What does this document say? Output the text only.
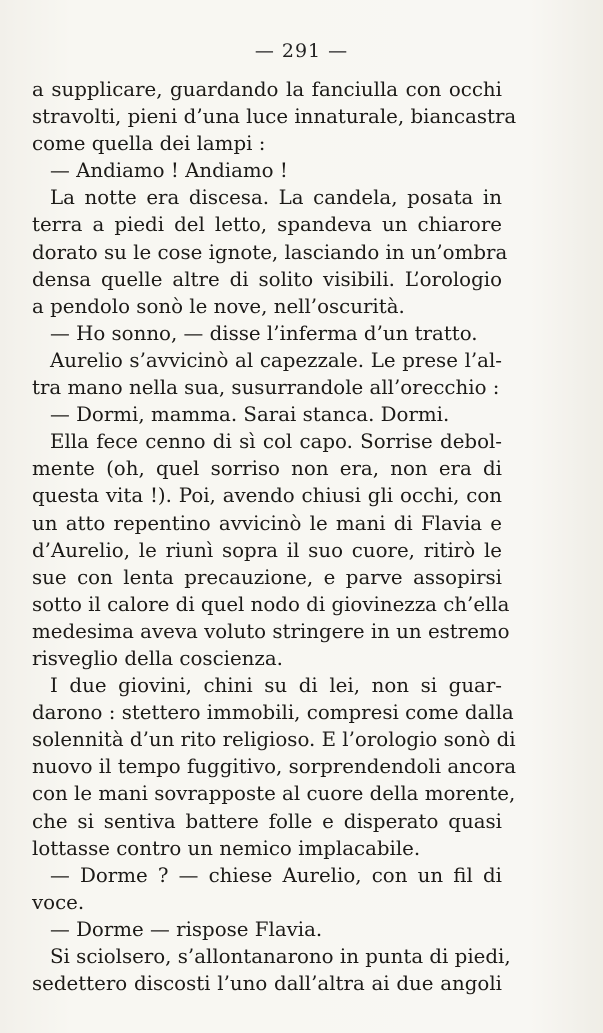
— 291 —
a supplicare, guardando la fanciulla con occhi
stravolti, pieni d’una luce innaturale, biancastra
come quella dei lampi :
— Andiamo ! Andiamo !
La notte era discesa. La candela, posata in
terra a piedi del letto, spandeva un chiarore
dorato su le cose ignote, lasciando in un’ombra
densa quelle altre di solito visibili. L’orologio
a pendolo sonò le nove, nell’oscurità.
— Ho sonno, — disse l’inferma d’un tratto.
Aurelio s’avvicinò al capezzale. Le prese l’al-
tra mano nella sua, susurrandole all’orecchio :
— Dormi, mamma. Sarai stanca. Dormi.
Ella fece cenno di sì col capo. Sorrise debol-
mente (oh, quel sorriso non era, non era di
questa vita !). Poi, avendo chiusi gli occhi, con
un atto repentino avvicinò le mani di Flavia e
d’Aurelio, le riunì sopra il suo cuore, ritirò le
sue con lenta precauzione, e parve assopirsi
sotto il calore di quel nodo di giovinezza ch’ella
medesima aveva voluto stringere in un estremo
risveglio della coscienza.
I due giovini, chini su di lei, non si guar-
darono : stettero immobili, compresi come dalla
solennità d’un rito religioso. E l’orologio sonò di
nuovo il tempo fuggitivo, sorprendendoli ancora
con le mani sovrapposte al cuore della morente,
che si sentiva battere folle e disperato quasi
lottasse contro un nemico implacabile.
— Dorme ? — chiese Aurelio, con un fil di
voce.
— Dorme — rispose Flavia.
Si sciolsero, s’allontanarono in punta di piedi,
sedettero discosti l’uno dall’altra ai due angoli
